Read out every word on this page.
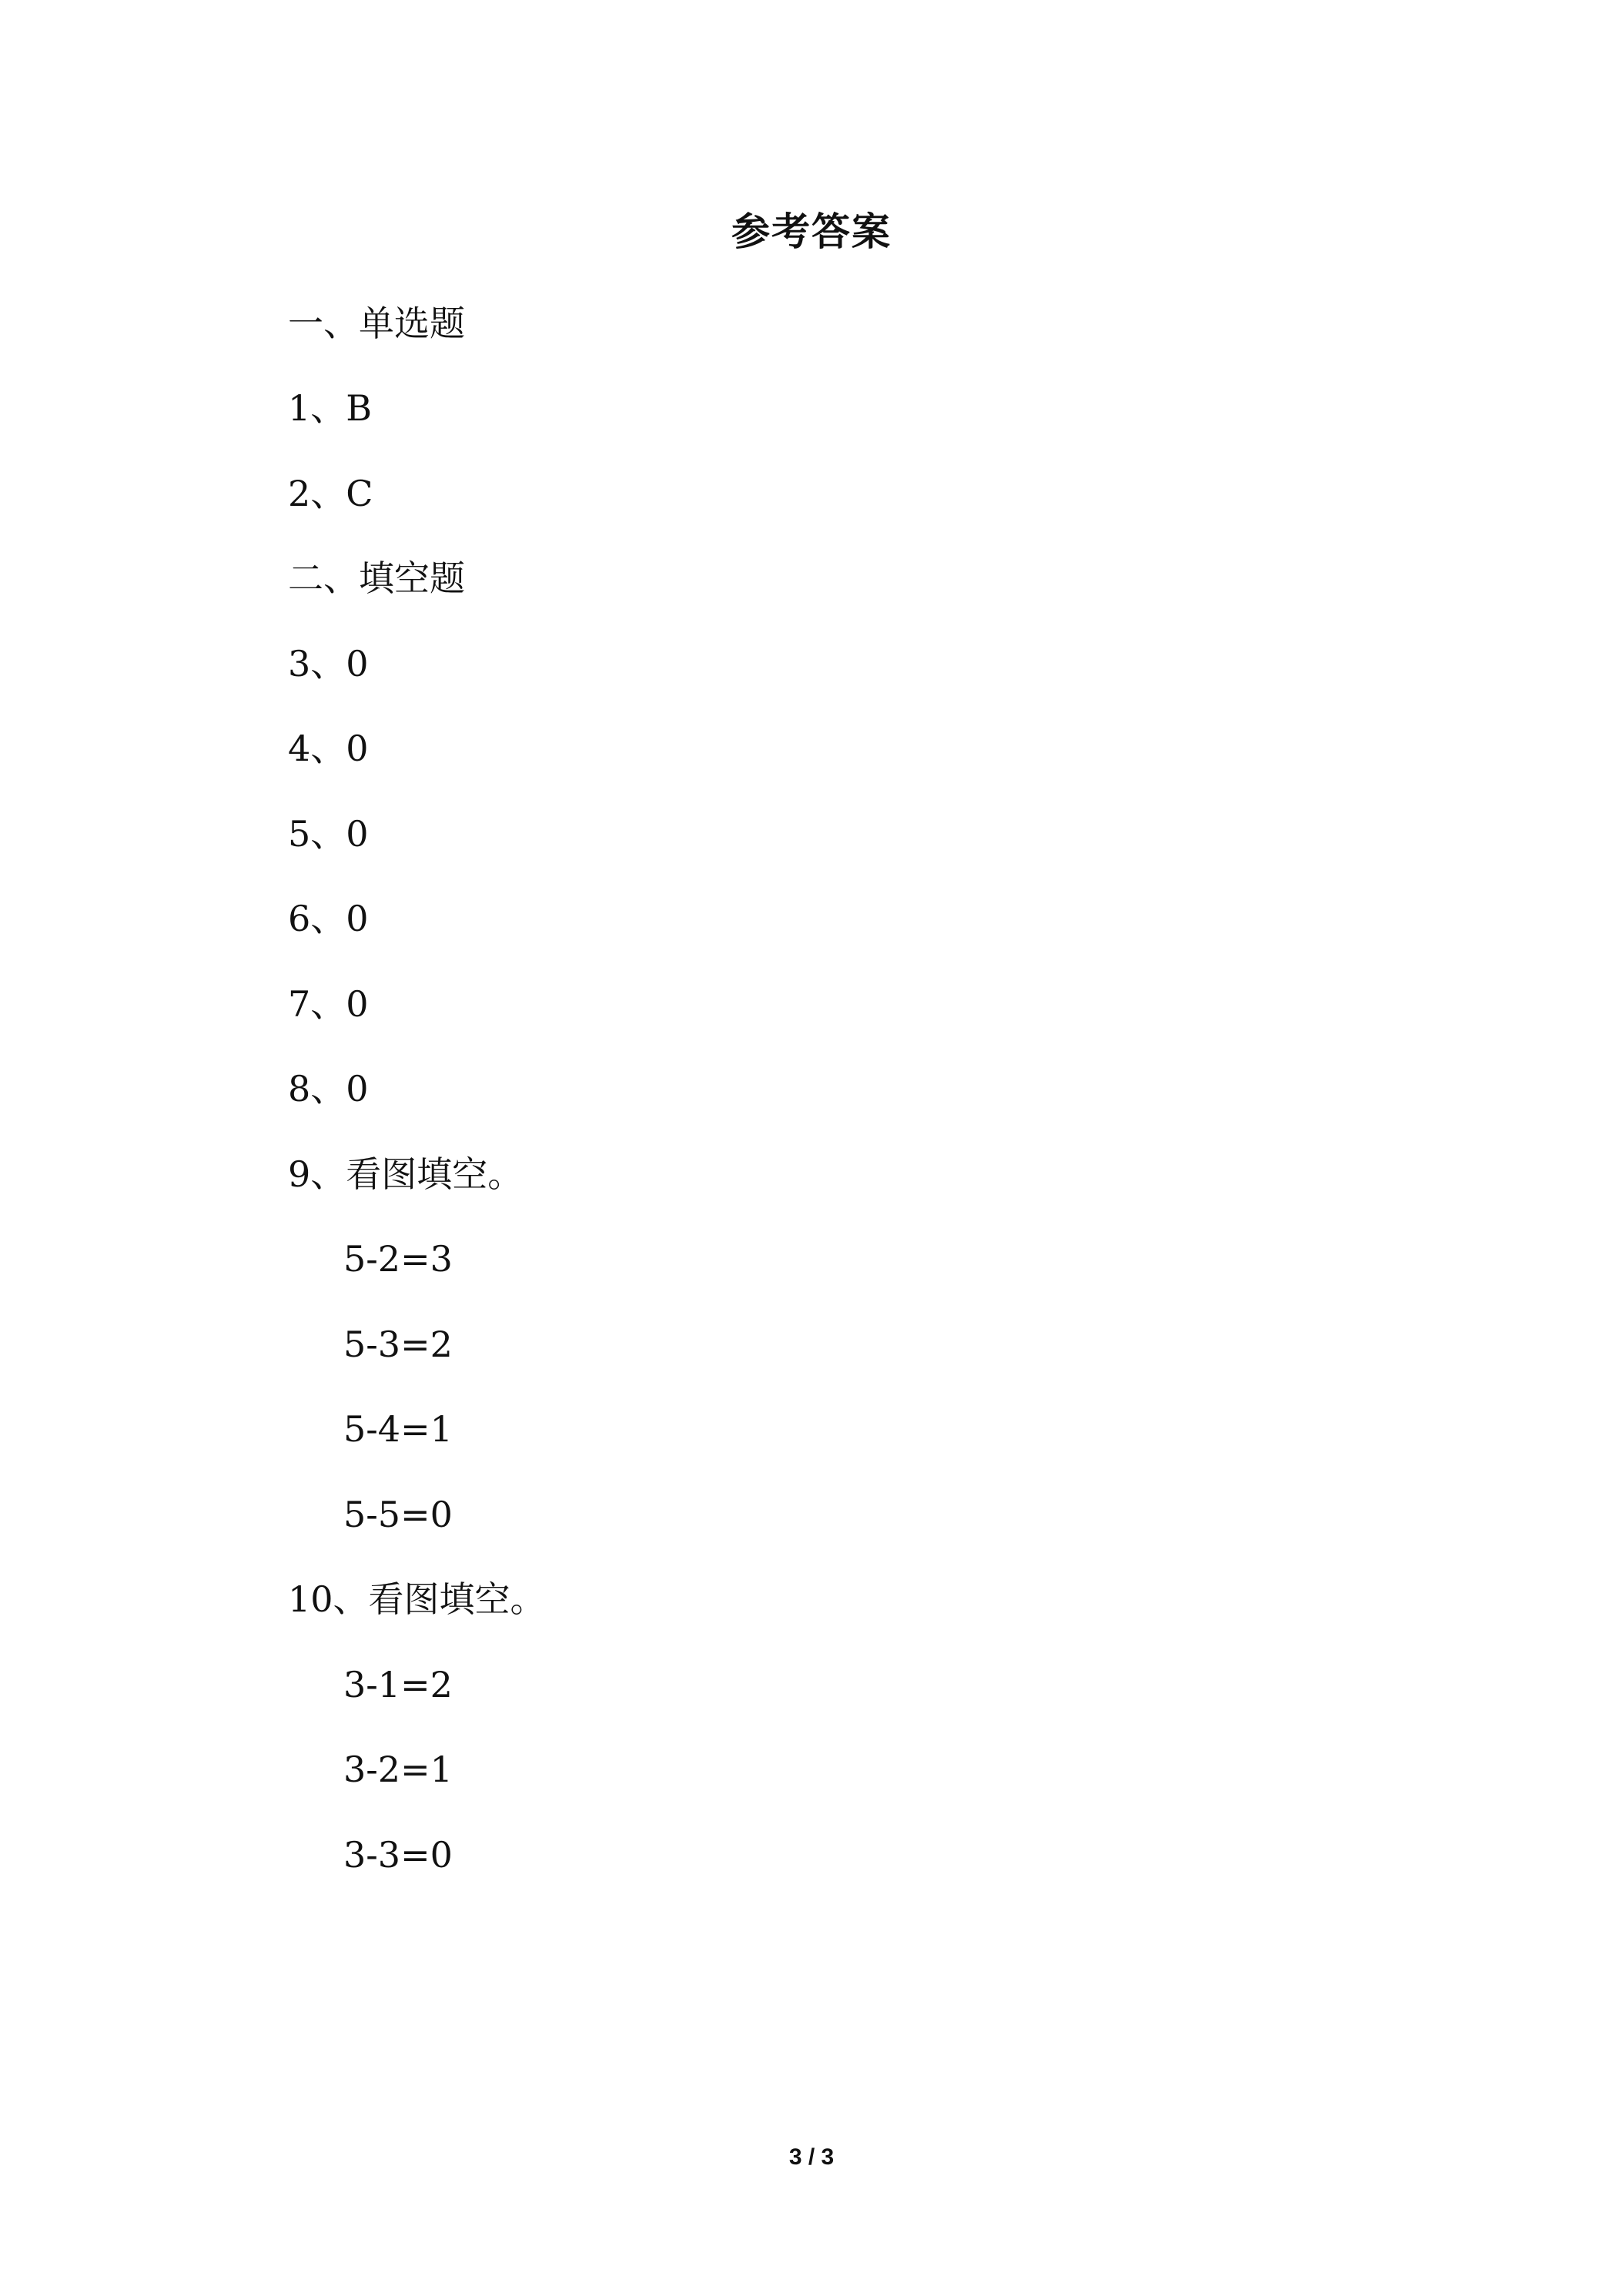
参考答案
一、单选题
1、B
2、C
二、填空题
3、0
4、0
5、0
6、0
7、0
8、0
9、看图填空。
5-2=3
5-3=2
5-4=1
5-5=0
10、看图填空。
3-1=2
3-2=1
3-3=0
3 / 3
